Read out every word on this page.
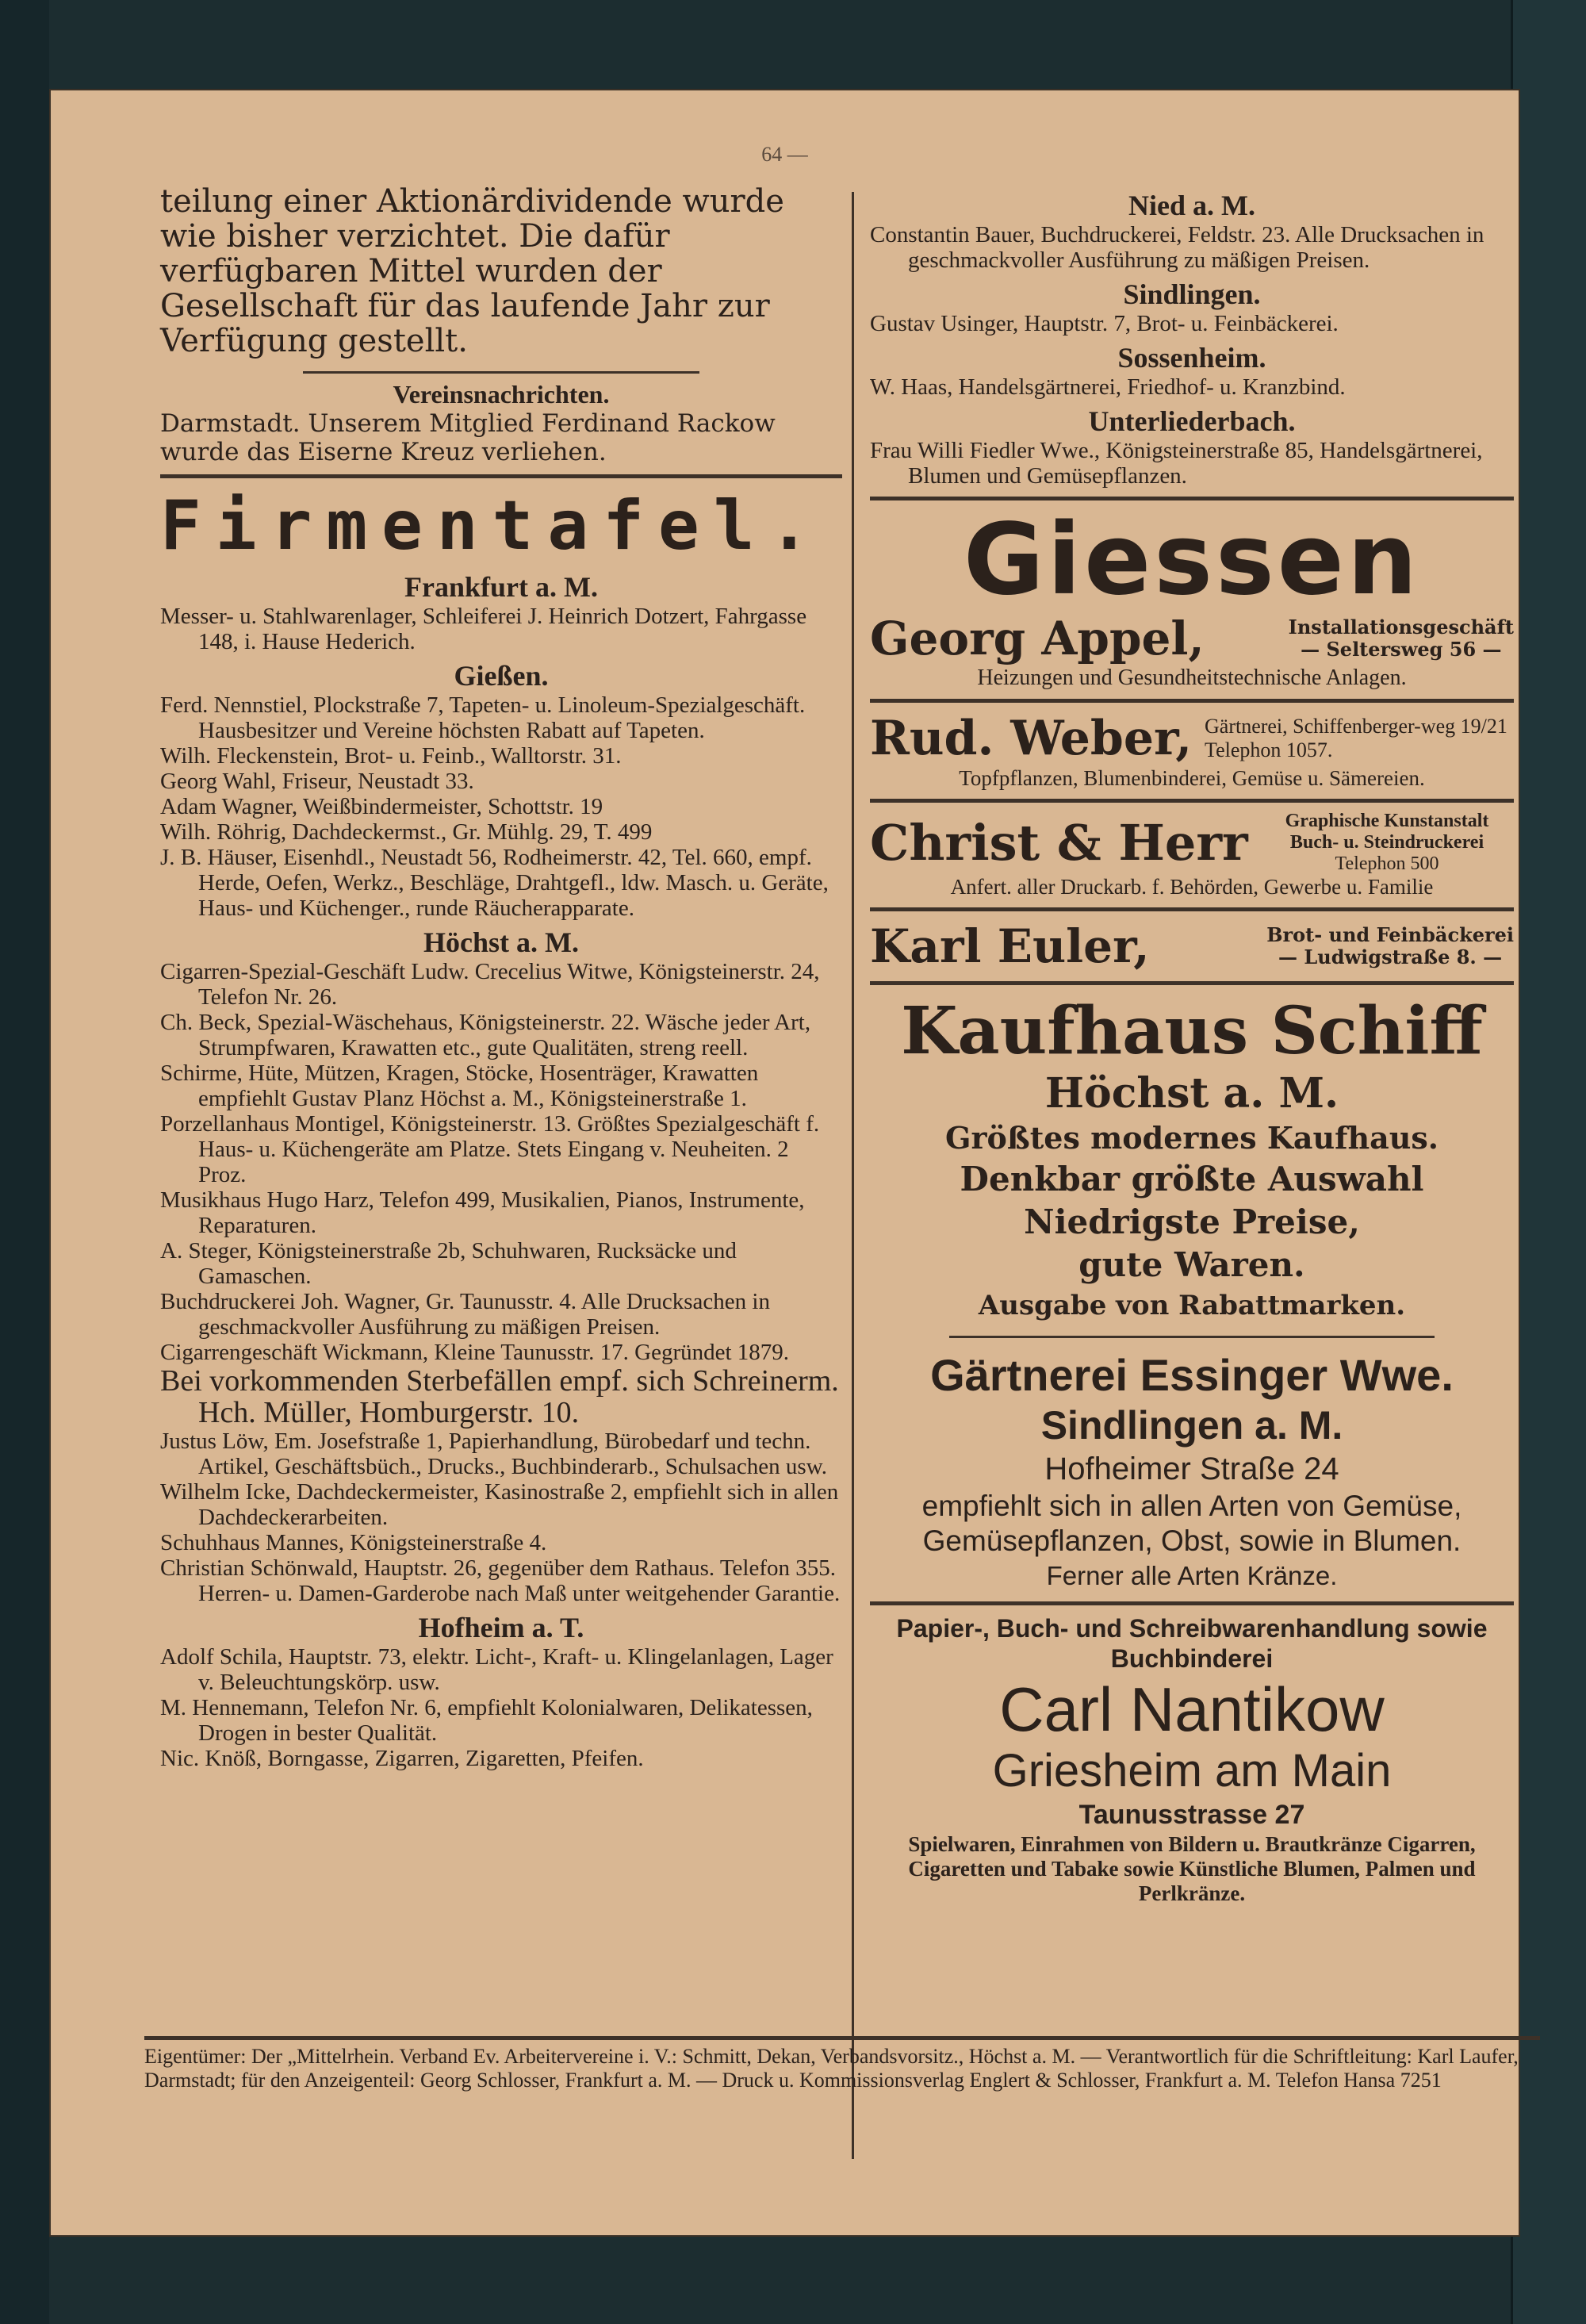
64 —

teilung einer Aktionärdividende wurde wie bisher verzichtet. Die dafür verfügbaren Mittel wurden der Gesellschaft für das laufende Jahr zur Verfügung gestellt.

Vereinsnachrichten.

Darmstadt. Unserem Mitglied Ferdinand Rackow wurde das Eiserne Kreuz verliehen.

Firmentafel.

Frankfurt a. M.

Messer- u. Stahlwarenlager, Schleiferei J. Heinrich Dotzert, Fahrgasse 148, i. Hause Hederich.

Gießen.

Ferd. Nennstiel, Plockstraße 7, Tapeten- u. Linoleum-Spezialgeschäft. Hausbesitzer und Vereine höchsten Rabatt auf Tapeten.

Wilh. Fleckenstein, Brot- u. Feinb., Walltorstr. 31.

Georg Wahl, Friseur, Neustadt 33.

Adam Wagner, Weißbindermeister, Schottstr. 19

Wilh. Röhrig, Dachdeckermst., Gr. Mühlg. 29, T. 499

J. B. Häuser, Eisenhdl., Neustadt 56, Rodheimerstr. 42, Tel. 660, empf. Herde, Oefen, Werkz., Beschläge, Drahtgefl., ldw. Masch. u. Geräte, Haus- und Küchenger., runde Räucherapparate.

Höchst a. M.

Cigarren-Spezial-Geschäft Ludw. Crecelius Witwe, Königsteinerstr. 24, Telefon Nr. 26.

Ch. Beck, Spezial-Wäschehaus, Königsteinerstr. 22. Wäsche jeder Art, Strumpfwaren, Krawatten etc., gute Qualitäten, streng reell.

Schirme, Hüte, Mützen, Kragen, Stöcke, Hosenträger, Krawatten empfiehlt Gustav Planz Höchst a. M., Königsteinerstraße 1.

Porzellanhaus Montigel, Königsteinerstr. 13. Größtes Spezialgeschäft f. Haus- u. Küchengeräte am Platze. Stets Eingang v. Neuheiten. 2 Proz.

Musikhaus Hugo Harz, Telefon 499, Musikalien, Pianos, Instrumente, Reparaturen.

A. Steger, Königsteinerstraße 2b, Schuhwaren, Rucksäcke und Gamaschen.

Buchdruckerei Joh. Wagner, Gr. Taunusstr. 4. Alle Drucksachen in geschmackvoller Ausführung zu mäßigen Preisen.

Cigarrengeschäft Wickmann, Kleine Taunusstr. 17. Gegründet 1879.

Bei vorkommenden Sterbefällen empf. sich Schreinerm. Hch. Müller, Homburgerstr. 10.

Justus Löw, Em. Josefstraße 1, Papierhandlung, Bürobedarf und techn. Artikel, Geschäftsbüch., Drucks., Buchbinderarb., Schulsachen usw.

Wilhelm Icke, Dachdeckermeister, Kasinostraße 2, empfiehlt sich in allen Dachdeckerarbeiten.

Schuhhaus Mannes, Königsteinerstraße 4.

Christian Schönwald, Hauptstr. 26, gegenüber dem Rathaus. Telefon 355. Herren- u. Damen-Garderobe nach Maß unter weitgehender Garantie.

Hofheim a. T.

Adolf Schila, Hauptstr. 73, elektr. Licht-, Kraft- u. Klingelanlagen, Lager v. Beleuchtungskörp. usw.

M. Hennemann, Telefon Nr. 6, empfiehlt Kolonialwaren, Delikatessen, Drogen in bester Qualität.

Nic. Knöß, Borngasse, Zigarren, Zigaretten, Pfeifen.

Nied a. M.

Constantin Bauer, Buchdruckerei, Feldstr. 23. Alle Drucksachen in geschmackvoller Ausführung zu mäßigen Preisen.

Sindlingen.

Gustav Usinger, Hauptstr. 7, Brot- u. Feinbäckerei.

Sossenheim.

W. Haas, Handelsgärtnerei, Friedhof- u. Kranzbind.

Unterliederbach.

Frau Willi Fiedler Wwe., Königsteinerstraße 85, Handelsgärtnerei, Blumen und Gemüsepflanzen.

Giessen

Georg Appel,	Installationsgeschäft
— Seltersweg 56 —

Heizungen und Gesundheitstechnische Anlagen.

Rud. Weber, Gärtnerei, Schiffenberger-weg 19/21 Telephon 1057.

Topfpflanzen, Blumenbinderei, Gemüse u. Sämereien.

Christ & Herr	Graphische Kunstanstalt
Buch- u. Steindruckerei
Telephon 500

Anfert. aller Druckarb. f. Behörden, Gewerbe u. Familie

Karl Euler,	Brot- und Feinbäckerei
— Ludwigstraße 8. —

Kaufhaus Schiff

Höchst a. M.

Größtes modernes Kaufhaus.

Denkbar größte Auswahl

Niedrigste Preise,

gute Waren.

Ausgabe von Rabattmarken.

Gärtnerei Essinger Wwe.

Sindlingen a. M.

Hofheimer Straße 24

empfiehlt sich in allen Arten von Gemüse, Gemüsepflanzen, Obst, sowie in Blumen.

Ferner alle Arten Kränze.

Papier-, Buch- und Schreibwarenhandlung sowie Buchbinderei

Carl Nantikow

Griesheim am Main

Taunusstrasse 27

Spielwaren, Einrahmen von Bildern u. Brautkränze Cigarren, Cigaretten und Tabake sowie Künstliche Blumen, Palmen und Perlkränze.

Eigentümer: Der „Mittelrhein. Verband Ev. Arbeitervereine i. V.: Schmitt, Dekan, Verbandsvorsitz., Höchst a. M. — Verantwortlich für die Schriftleitung: Karl Laufer, Darmstadt; für den Anzeigenteil: Georg Schlosser, Frankfurt a. M. — Druck u. Kommissionsverlag Englert & Schlosser, Frankfurt a. M. Telefon Hansa 7251
